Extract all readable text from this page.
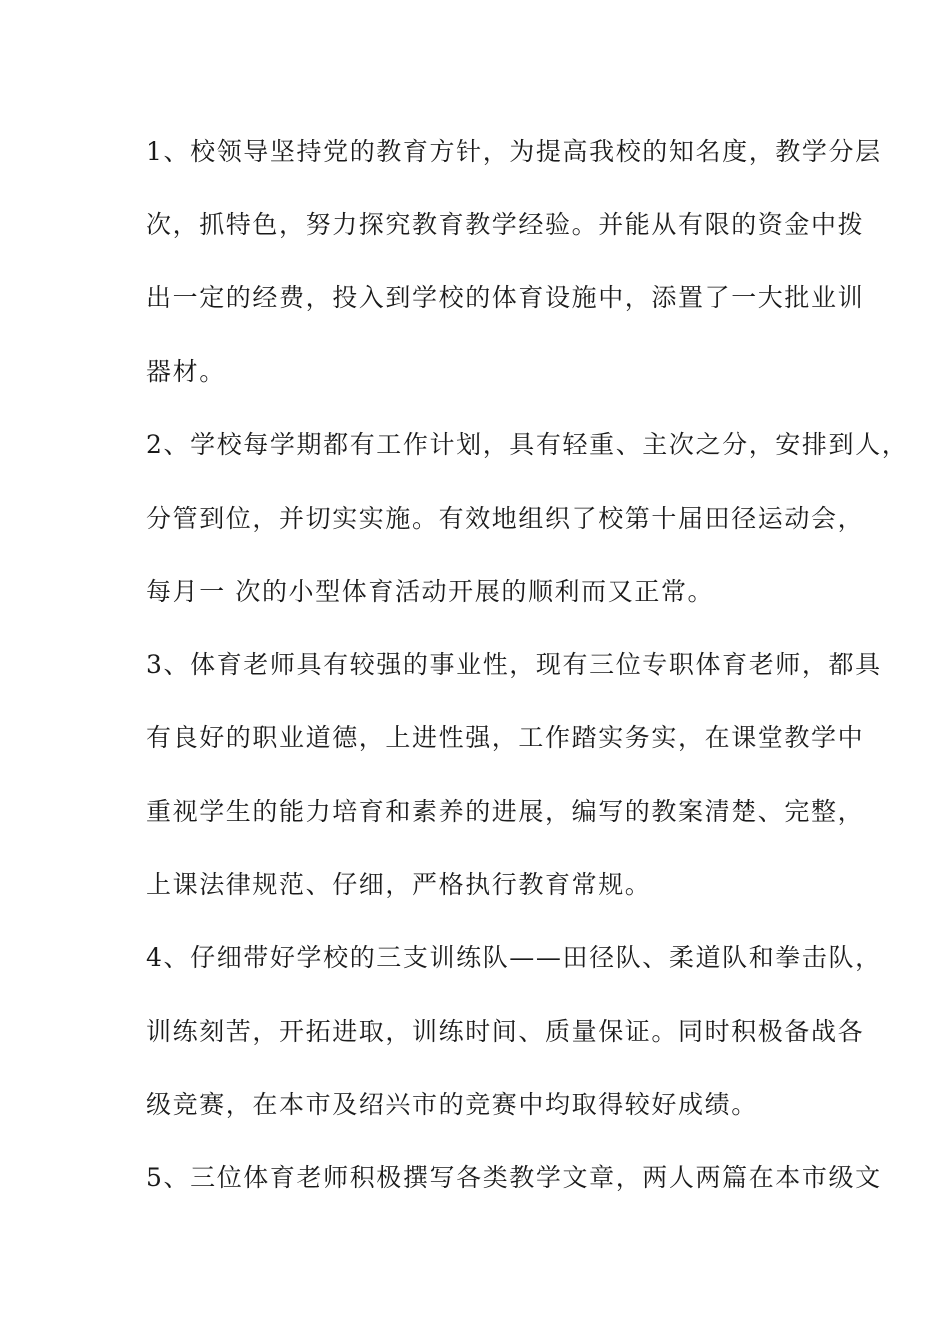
1、校领导坚持党的教育方针，为提高我校的知名度，教学分层
次，抓特色，努力探究教育教学经验。并能从有限的资金中拨
出一定的经费，投入到学校的体育设施中，添置了一大批业训
器材。
2、学校每学期都有工作计划，具有轻重、主次之分，安排到人，
分管到位，并切实实施。有效地组织了校第十届田径运动会，
每月一 次的小型体育活动开展的顺利而又正常。
3、体育老师具有较强的事业性，现有三位专职体育老师，都具
有良好的职业道德，上进性强，工作踏实务实，在课堂教学中
重视学生的能力培育和素养的进展，编写的教案清楚、完整，
上课法律规范、仔细，严格执行教育常规。
4、仔细带好学校的三支训练队——田径队、柔道队和拳击队，
训练刻苦，开拓进取，训练时间、质量保证。同时积极备战各
级竞赛，在本市及绍兴市的竞赛中均取得较好成绩。
5、三位体育老师积极撰写各类教学文章，两人两篇在本市级文
